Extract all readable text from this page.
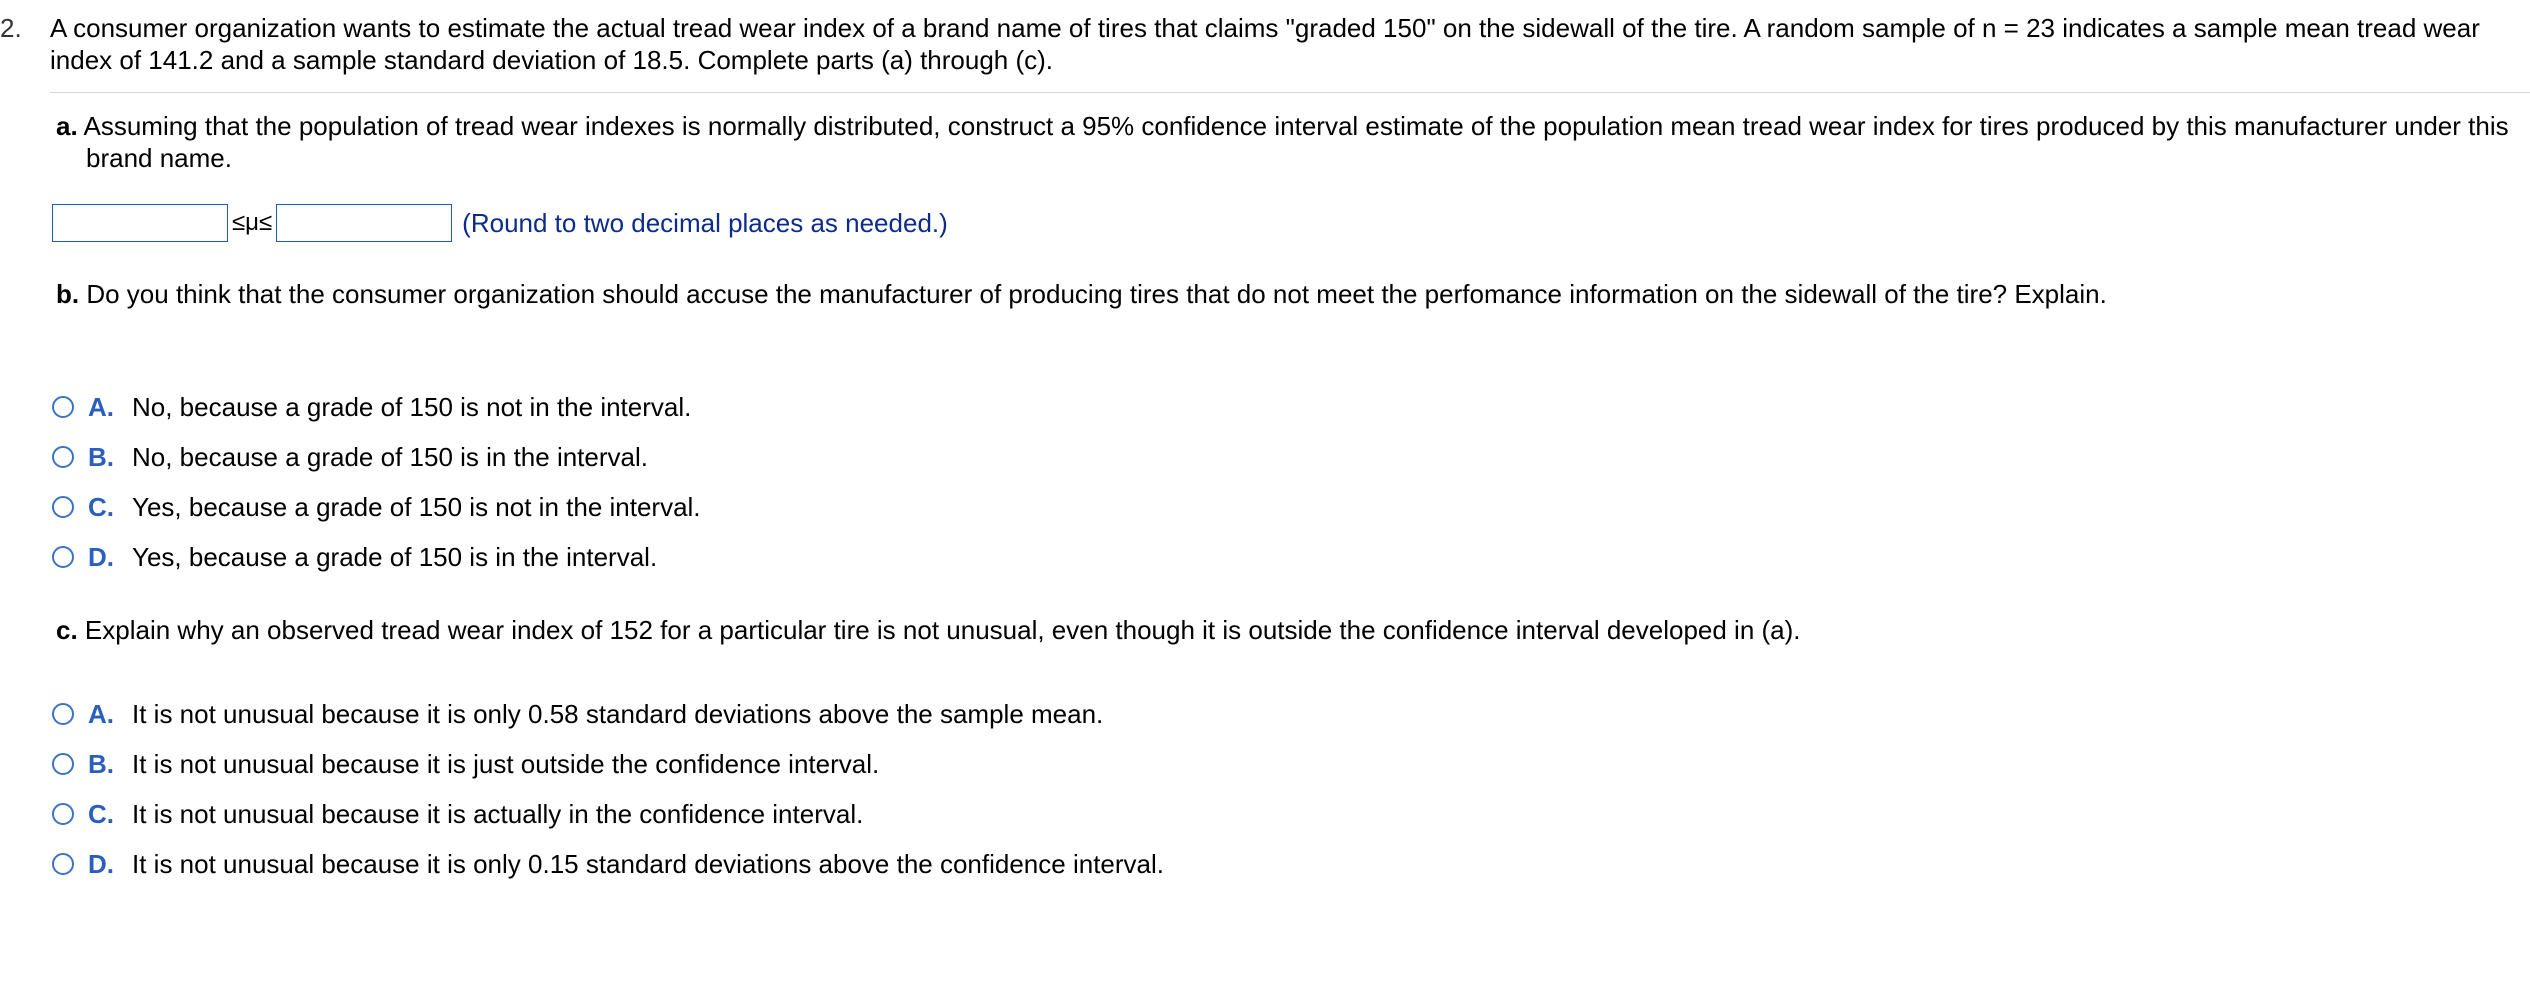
2. A consumer organization wants to estimate the actual tread wear index of a brand name of tires that claims "graded 150" on the sidewall of the tire. A random sample of n = 23 indicates a sample mean tread wear index of 141.2 and a sample standard deviation of 18.5. Complete parts (a) through (c).
a. Assuming that the population of tread wear indexes is normally distributed, construct a 95% confidence interval estimate of the population mean tread wear index for tires produced by this manufacturer under this brand name.
≤μ≤	(Round to two decimal places as needed.)
b. Do you think that the consumer organization should accuse the manufacturer of producing tires that do not meet the perfomance information on the sidewall of the tire? Explain.
A. No, because a grade of 150 is not in the interval.
B. No, because a grade of 150 is in the interval.
C. Yes, because a grade of 150 is not in the interval.
D. Yes, because a grade of 150 is in the interval.
c. Explain why an observed tread wear index of 152 for a particular tire is not unusual, even though it is outside the confidence interval developed in (a).
A. It is not unusual because it is only 0.58 standard deviations above the sample mean.
B. It is not unusual because it is just outside the confidence interval.
C. It is not unusual because it is actually in the confidence interval.
D. It is not unusual because it is only 0.15 standard deviations above the confidence interval.
